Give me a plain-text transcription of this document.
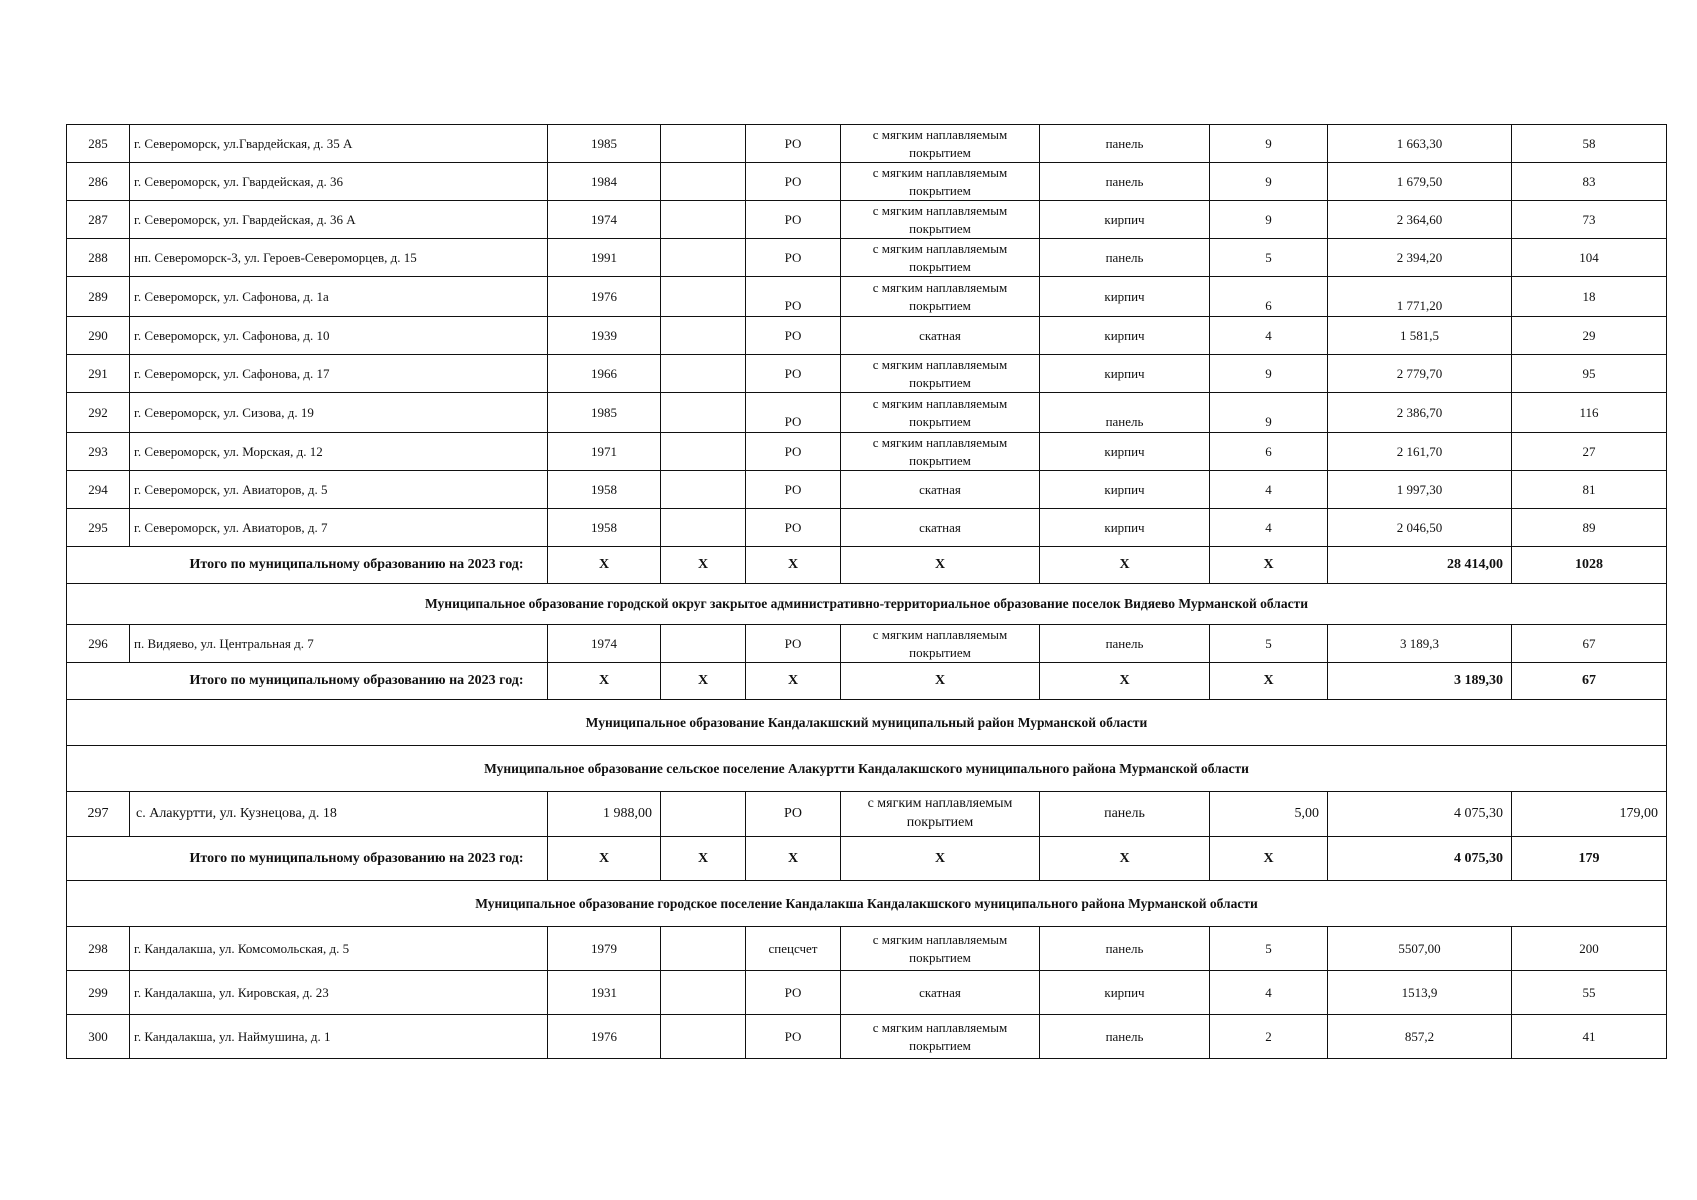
285	г. Североморск, ул.Гвардейская, д. 35 А	1985		РО	с мягким наплавляемым покрытием	панель	9	1 663,30	58
286	г. Североморск, ул. Гвардейская, д. 36	1984		РО	с мягким наплавляемым покрытием	панель	9	1 679,50	83
287	г. Североморск, ул. Гвардейская, д. 36 А	1974		РО	с мягким наплавляемым покрытием	кирпич	9	2 364,60	73
288	нп. Североморск-3, ул. Героев-Североморцев, д. 15	1991		РО	с мягким наплавляемым покрытием	панель	5	2 394,20	104
289	г. Североморск, ул. Сафонова, д. 1а	1976		РО	с мягким наплавляемым покрытием	кирпич	6	1 771,20	18
290	г. Североморск, ул. Сафонова, д. 10	1939		РО	скатная	кирпич	4	1 581,5	29
291	г. Североморск, ул. Сафонова, д. 17	1966		РО	с мягким наплавляемым покрытием	кирпич	9	2 779,70	95
292	г. Североморск, ул. Сизова, д. 19	1985		РО	с мягким наплавляемым покрытием	панель	9	2 386,70	116
293	г. Североморск, ул. Морская, д. 12	1971		РО	с мягким наплавляемым покрытием	кирпич	6	2 161,70	27
294	г. Североморск, ул. Авиаторов, д. 5	1958		РО	скатная	кирпич	4	1 997,30	81
295	г. Североморск, ул. Авиаторов, д. 7	1958		РО	скатная	кирпич	4	2 046,50	89
	Итого по муниципальному образованию на 2023 год:	X	X	X	X	X	X	28 414,00	1028
Муниципальное образование городской округ закрытое административно-территориальное образование поселок Видяево Мурманской области									
296	п. Видяево, ул. Центральная д. 7	1974		РО	с мягким наплавляемым покрытием	панель	5	3 189,3	67
	Итого по муниципальному образованию на 2023 год:	X	X	X	X	X	X	3 189,30	67
Муниципальное образование Кандалакшский муниципальный район Мурманской области									
Муниципальное образование сельское поселение Алакуртти Кандалакшского муниципального района Мурманской области									
297	с. Алакуртти, ул. Кузнецова, д. 18	1 988,00		РО	с мягким наплавляемым покрытием	панель	5,00	4 075,30	179,00
	Итого по муниципальному образованию на 2023 год:	X	X	X	X	X	X	4 075,30	179
Муниципальное образование городское поселение Кандалакша Кандалакшского муниципального района Мурманской области									
298	г. Кандалакша, ул. Комсомольская, д. 5	1979		спецсчет	с мягким наплавляемым покрытием	панель	5	5507,00	200
299	г. Кандалакша, ул. Кировская, д. 23	1931		РО	скатная	кирпич	4	1513,9	55
300	г. Кандалакша, ул. Наймушина, д. 1	1976		РО	с мягким наплавляемым покрытием	панель	2	857,2	41
